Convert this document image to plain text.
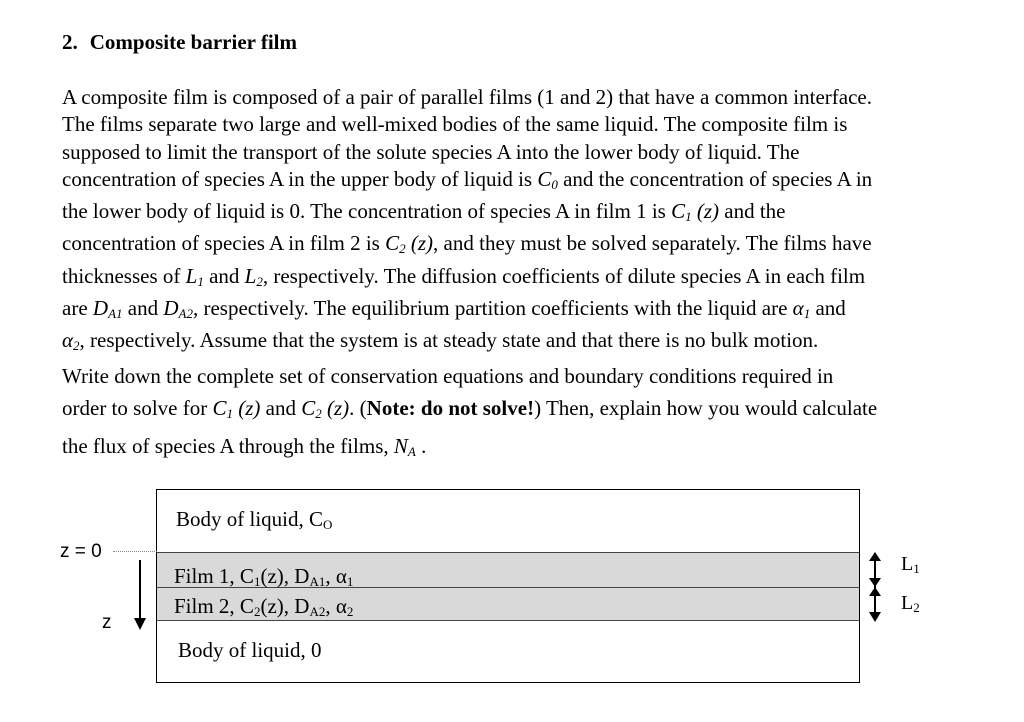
2. Composite barrier film
A composite film is composed of a pair of parallel films (1 and 2) that have a common interface.
The films separate two large and well-mixed bodies of the same liquid. The composite film is
supposed to limit the transport of the solute species A into the lower body of liquid. The
concentration of species A in the upper body of liquid is C0 and the concentration of species A in
the lower body of liquid is 0. The concentration of species A in film 1 is C1 (z) and the
concentration of species A in film 2 is C2 (z), and they must be solved separately. The films have
thicknesses of L1 and L2, respectively. The diffusion coefficients of dilute species A in each film
are DA1 and DA2, respectively. The equilibrium partition coefficients with the liquid are α1 and
α2, respectively. Assume that the system is at steady state and that there is no bulk motion.
Write down the complete set of conservation equations and boundary conditions required in
order to solve for C1 (z) and C2 (z). (Note: do not solve!) Then, explain how you would calculate
the flux of species A through the films, NA .
Body of liquid, CO
Film 1, C1(z), DA1, α1
Film 2, C2(z), DA2, α2
Body of liquid, 0
z = 0
z
L1
L2
